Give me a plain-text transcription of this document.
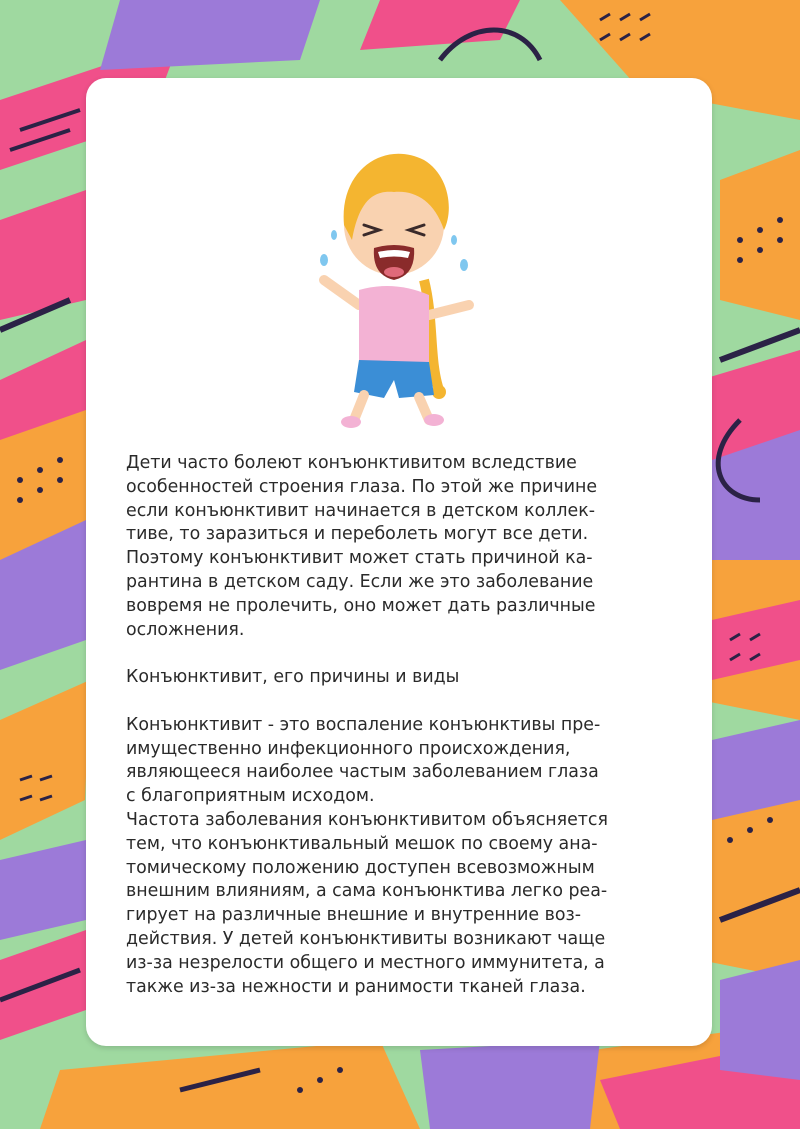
Дети часто болеют конъюнктивитом вследствие
особенностей строения глаза. По этой же причине
если конъюнктивит начинается в детском коллек-
тиве, то заразиться и переболеть могут все дети.
Поэтому конъюнктивит может стать причиной ка-
рантина в детском саду. Если же это заболевание
вовремя не пролечить, оно может дать различные
осложнения.

Конъюнктивит, его причины и виды

Конъюнктивит - это воспаление конъюнктивы пре-
имущественно инфекционного происхождения,
являющееся наиболее частым заболеванием глаза
с благоприятным исходом.

Частота заболевания конъюнктивитом объясняется
тем, что конъюнктивальный мешок по своему ана-
томическому положению доступен всевозможным
внешним влияниям, а сама конъюнктива легко реа-
гирует на различные внешние и внутренние воз-
действия. У детей конъюнктивиты возникают чаще
из-за незрелости общего и местного иммунитета, а
также из-за нежности и ранимости тканей глаза.
